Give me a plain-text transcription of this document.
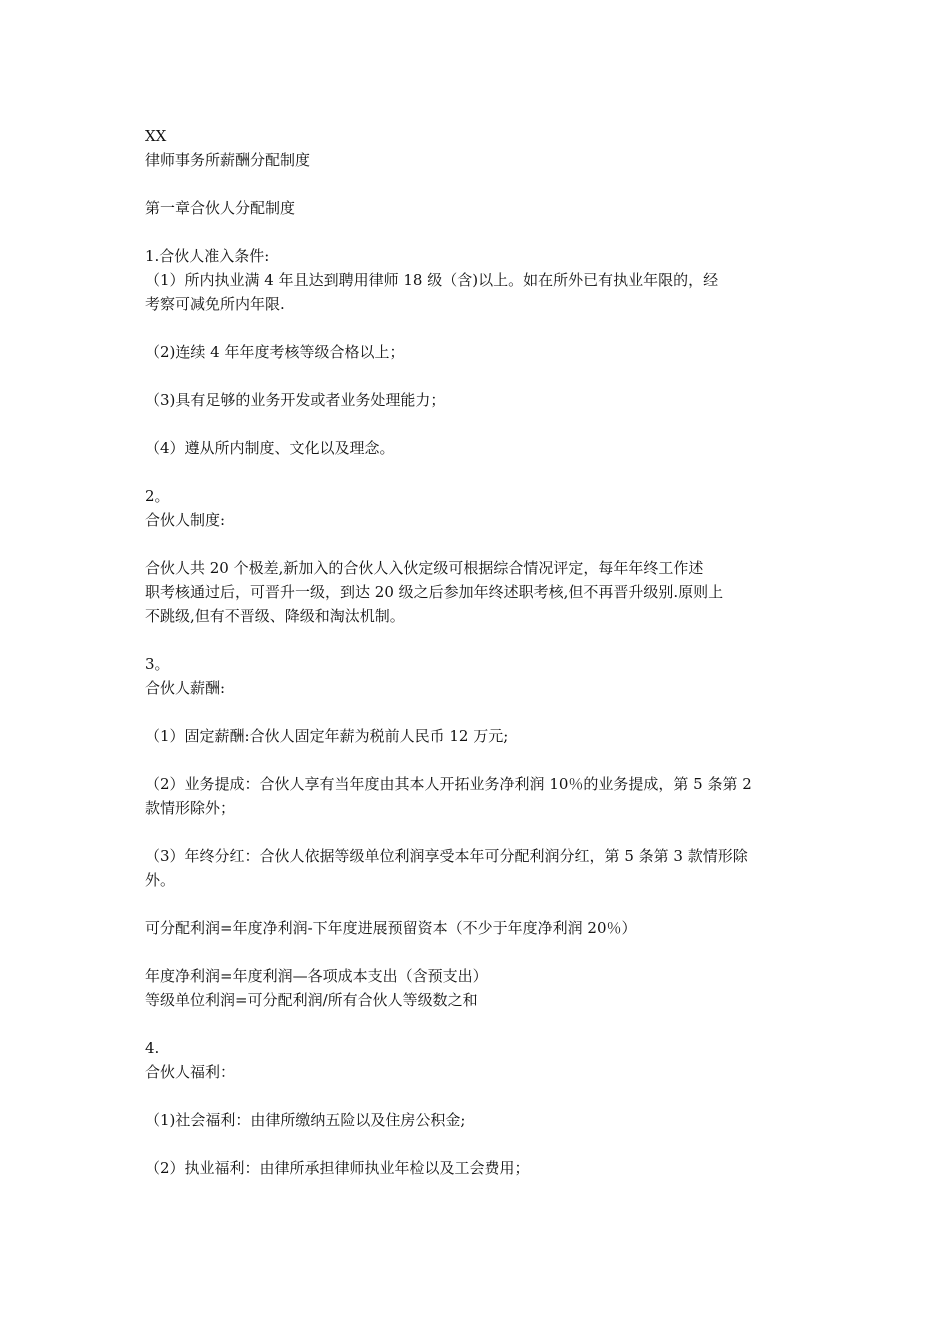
XX
律师事务所薪酬分配制度
第一章合伙人分配制度
1.合伙人准入条件:
（1）所内执业满 4 年且达到聘用律师 18 级（含)以上。如在所外已有执业年限的，经
考察可减免所内年限.
（2)连续 4 年年度考核等级合格以上；
（3)具有足够的业务开发或者业务处理能力；
（4）遵从所内制度、文化以及理念。
2。
合伙人制度:
合伙人共 20 个极差,新加入的合伙人入伙定级可根据综合情况评定，每年年终工作述
职考核通过后，可晋升一级，到达 20 级之后参加年终述职考核,但不再晋升级别.原则上
不跳级,但有不晋级、降级和淘汰机制。
3。
合伙人薪酬:
（1）固定薪酬:合伙人固定年薪为税前人民币 12 万元;
（2）业务提成：合伙人享有当年度由其本人开拓业务净利润 10％的业务提成，第 5 条第 2
款情形除外；
（3）年终分红：合伙人依据等级单位利润享受本年可分配利润分红，第 5 条第 3 款情形除
外。
可分配利润=年度净利润-下年度进展预留资本（不少于年度净利润 20％）
年度净利润=年度利润—各项成本支出（含预支出）
等级单位利润=可分配利润/所有合伙人等级数之和
4.
合伙人福利：
（1)社会福利：由律所缴纳五险以及住房公积金;
（2）执业福利：由律所承担律师执业年检以及工会费用；
